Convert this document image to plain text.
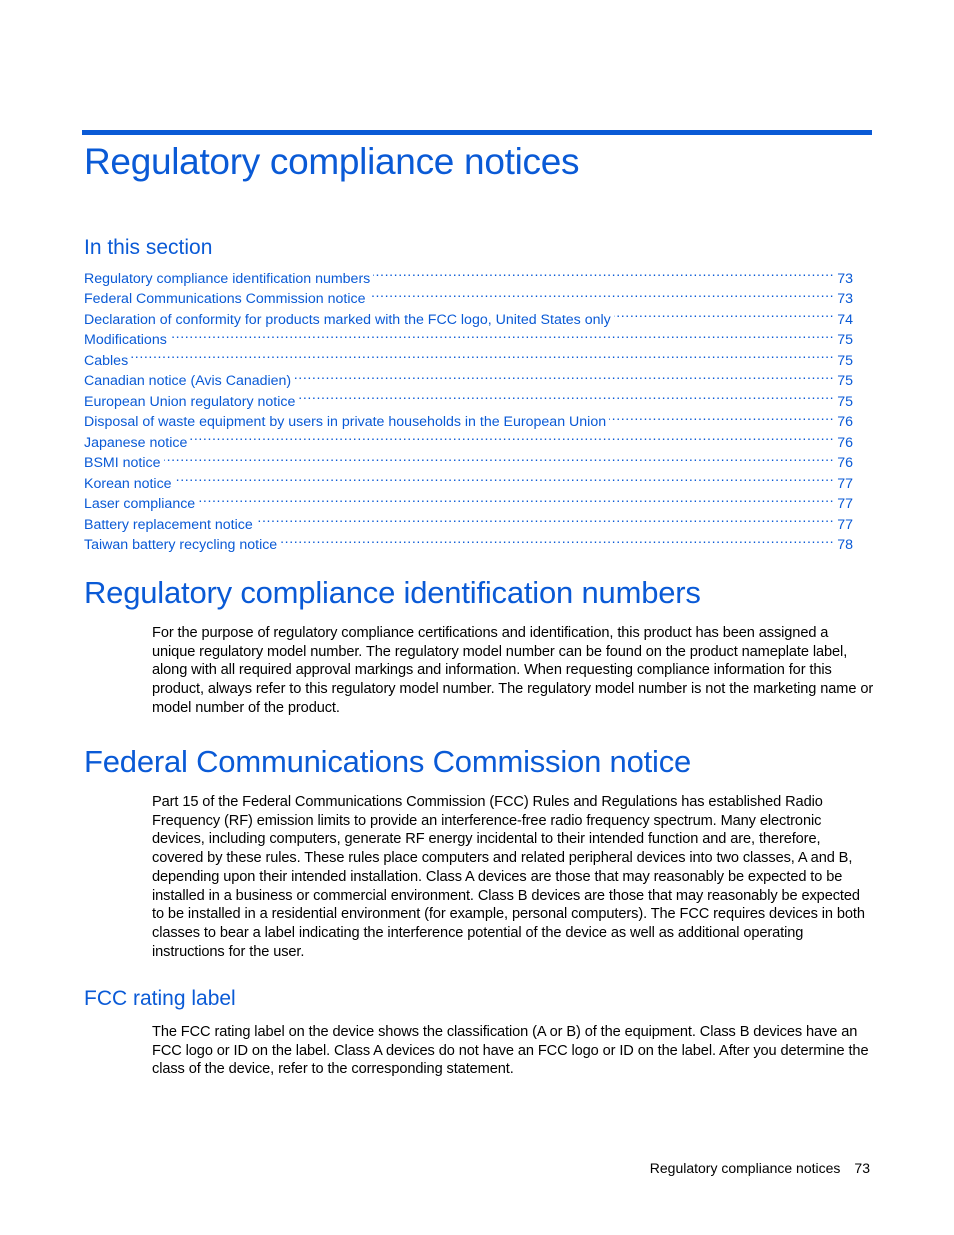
Regulatory compliance notices
In this section
Regulatory compliance identification numbers .....	73
Federal Communications Commission notice .....	73
Declaration of conformity for products marked with the FCC logo, United States only .....	74
Modifications .....	75
Cables .....	75
Canadian notice (Avis Canadien) .....	75
European Union regulatory notice .....	75
Disposal of waste equipment by users in private households in the European Union .....	76
Japanese notice .....	76
BSMI notice .....	76
Korean notice .....	77
Laser compliance .....	77
Battery replacement notice .....	77
Taiwan battery recycling notice .....	78
Regulatory compliance identification numbers

For the purpose of regulatory compliance certifications and identification, this product has been assigned a unique regulatory model number. The regulatory model number can be found on the product nameplate label, along with all required approval markings and information. When requesting compliance information for this product, always refer to this regulatory model number. The regulatory model number is not the marketing name or model number of the product.

Federal Communications Commission notice

Part 15 of the Federal Communications Commission (FCC) Rules and Regulations has established Radio Frequency (RF) emission limits to provide an interference-free radio frequency spectrum. Many electronic devices, including computers, generate RF energy incidental to their intended function and are, therefore, covered by these rules. These rules place computers and related peripheral devices into two classes, A and B, depending upon their intended installation. Class A devices are those that may reasonably be expected to be installed in a business or commercial environment. Class B devices are those that may reasonably be expected to be installed in a residential environment (for example, personal computers). The FCC requires devices in both classes to bear a label indicating the interference potential of the device as well as additional operating instructions for the user.

FCC rating label

The FCC rating label on the device shows the classification (A or B) of the equipment. Class B devices have an FCC logo or ID on the label. Class A devices do not have an FCC logo or ID on the label. After you determine the class of the device, refer to the corresponding statement.

Regulatory compliance notices 73
